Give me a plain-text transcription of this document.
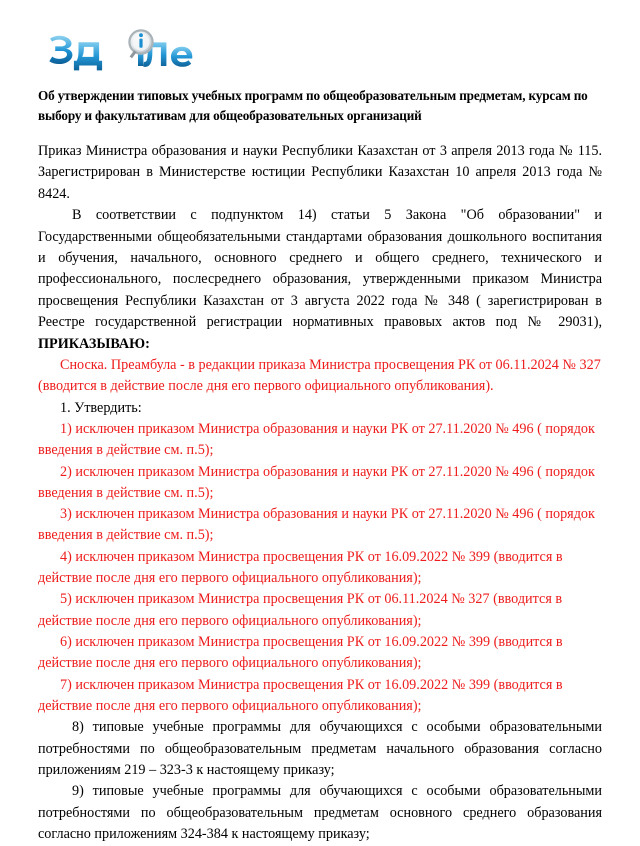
Об утверждении типовых учебных программ по общеобразовательным предметам, курсам по выбору и факультативам для общеобразовательных организаций

Приказ Министра образования и науки Республики Казахстан от 3 апреля 2013 года № 115. Зарегистрирован в Министерстве юстиции Республики Казахстан 10 апреля 2013 года № 8424.

В соответствии с подпунктом 14) статьи 5 Закона "Об образовании" и Государственными общеобязательными стандартами образования дошкольного воспитания и обучения, начального, основного среднего и общего среднего, технического и профессионального, послесреднего образования, утвержденными приказом Министра просвещения Республики Казахстан от 3 августа 2022 года № 348 ( зарегистрирован в Реестре государственной регистрации нормативных правовых актов под № 29031), ПРИКАЗЫВАЮ:

Сноска. Преамбула - в редакции приказа Министра просвещения РК от 06.11.2024 № 327 (вводится в действие после дня его первого официального опубликования).

1. Утвердить:

1) исключен приказом Министра образования и науки РК от 27.11.2020 № 496 ( порядок введения в действие см. п.5);

2) исключен приказом Министра образования и науки РК от 27.11.2020 № 496 ( порядок введения в действие см. п.5);

3) исключен приказом Министра образования и науки РК от 27.11.2020 № 496 ( порядок введения в действие см. п.5);

4) исключен приказом Министра просвещения РК от 16.09.2022 № 399 (вводится в действие после дня его первого официального опубликования);

5) исключен приказом Министра просвещения РК от 06.11.2024 № 327 (вводится в действие после дня его первого официального опубликования);

6) исключен приказом Министра просвещения РК от 16.09.2022 № 399 (вводится в действие после дня его первого официального опубликования);

7) исключен приказом Министра просвещения РК от 16.09.2022 № 399 (вводится в действие после дня его первого официального опубликования);

8) типовые учебные программы для обучающихся с особыми образовательными потребностями по общеобразовательным предметам начального образования согласно приложениям 219 – 323-3 к настоящему приказу;

9) типовые учебные программы для обучающихся с особыми образовательными потребностями по общеобразовательным предметам основного среднего образования согласно приложениям 324-384 к настоящему приказу;
